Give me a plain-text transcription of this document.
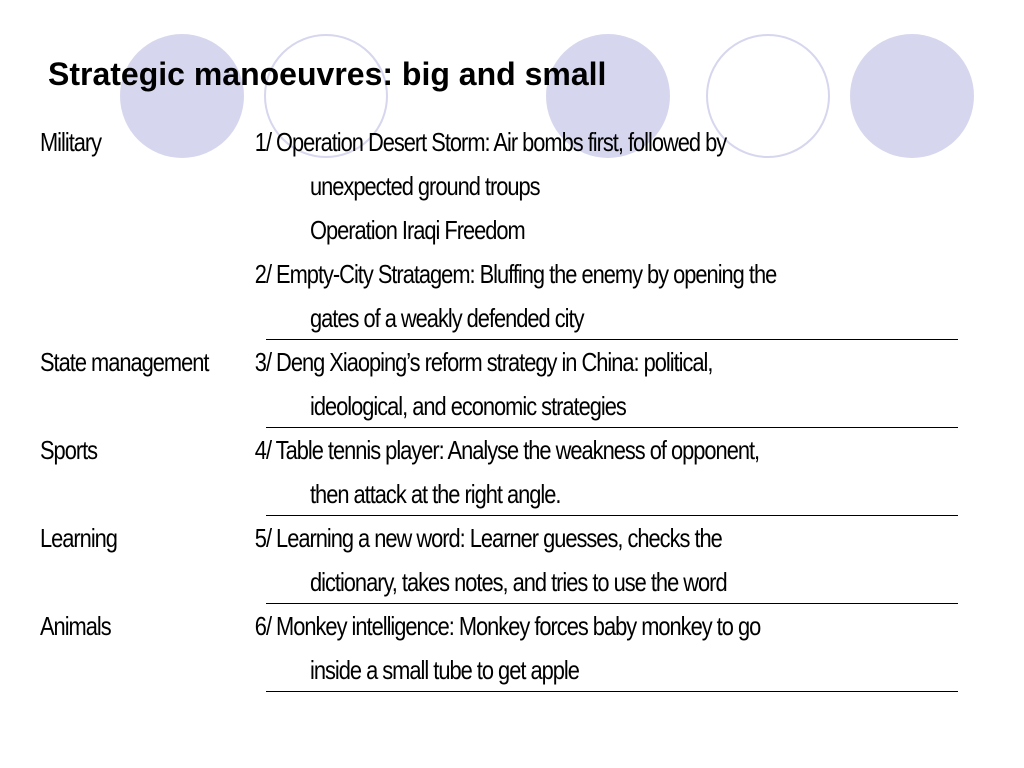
Strategic manoeuvres: big and small
Military	1/ Operation Desert Storm: Air bombs first, followed by
unexpected ground troups
Operation Iraqi Freedom
2/ Empty-City Stratagem: Bluffing the enemy by opening the
gates of a weakly defended city
State management	3/ Deng Xiaoping’s reform strategy in China: political,
ideological, and economic strategies
Sports	4/ Table tennis player: Analyse the weakness of opponent,
then attack at the right angle.
Learning	5/ Learning a new word: Learner guesses, checks the
dictionary, takes notes, and tries to use the word
Animals	6/ Monkey intelligence: Monkey forces baby monkey to go
inside a small tube to get apple
